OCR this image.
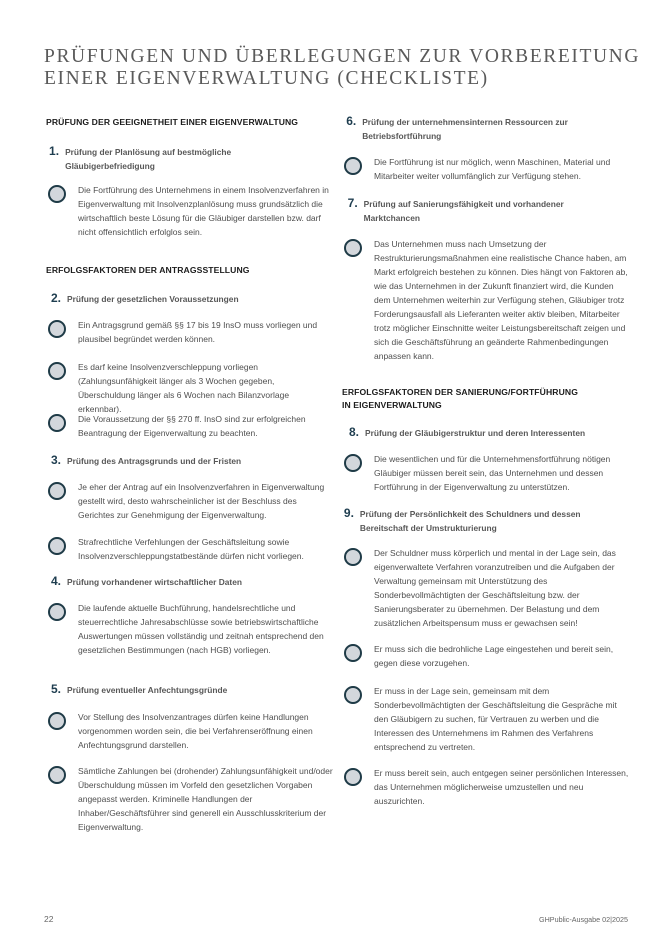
PRÜFUNGEN UND ÜBERLEGUNGEN ZUR VORBEREITUNG
EINER EIGENVERWALTUNG (CHECKLISTE)
PRÜFUNG DER GEEIGNETHEIT EINER EIGENVERWALTUNG
1. Prüfung der Planlösung auf bestmögliche Gläubigerbefriedigung
Die Fortführung des Unternehmens in einem Insolvenzverfahren in Eigenverwaltung mit Insolvenzplanlösung muss grundsätzlich die wirtschaftlich beste Lösung für die Gläubiger darstellen bzw. darf nicht offensichtlich erfolglos sein.
ERFOLGSFAKTOREN DER ANTRAGSSTELLUNG
2. Prüfung der gesetzlichen Voraussetzungen
Ein Antragsgrund gemäß §§ 17 bis 19 InsO muss vorliegen und plausibel begründet werden können.
Es darf keine Insolvenzverschleppung vorliegen (Zahlungsunfähigkeit länger als 3 Wochen gegeben, Überschuldung länger als 6 Wochen nach Bilanzvorlage erkennbar).
Die Voraussetzung der §§ 270 ff. InsO sind zur erfolgreichen Beantragung der Eigenverwaltung zu beachten.
3. Prüfung des Antragsgrunds und der Fristen
Je eher der Antrag auf ein Insolvenzverfahren in Eigenverwaltung gestellt wird, desto wahrscheinlicher ist der Beschluss des Gerichtes zur Genehmigung der Eigenverwaltung.
Strafrechtliche Verfehlungen der Geschäftsleitung sowie Insolvenzverschleppungstatbestände dürfen nicht vorliegen.
4. Prüfung vorhandener wirtschaftlicher Daten
Die laufende aktuelle Buchführung, handelsrechtliche und steuerrechtliche Jahresabschlüsse sowie betriebswirtschaftliche Auswertungen müssen vollständig und zeitnah entsprechend den gesetzlichen Bestimmungen (nach HGB) vorliegen.
5. Prüfung eventueller Anfechtungsgründe
Vor Stellung des Insolvenzantrages dürfen keine Handlungen vorgenommen worden sein, die bei Verfahrenseröffnung einen Anfechtungsgrund darstellen.
Sämtliche Zahlungen bei (drohender) Zahlungsunfähigkeit und/oder Überschuldung müssen im Vorfeld den gesetzlichen Vorgaben angepasst werden. Kriminelle Handlungen der Inhaber/Geschäftsführer sind generell ein Ausschlusskriterium der Eigenverwaltung.
6. Prüfung der unternehmensinternen Ressourcen zur Betriebsfortführung
Die Fortführung ist nur möglich, wenn Maschinen, Material und Mitarbeiter weiter vollumfänglich zur Verfügung stehen.
7. Prüfung auf Sanierungsfähigkeit und vorhandener Marktchancen
Das Unternehmen muss nach Umsetzung der Restrukturierungsmaßnahmen eine realistische Chance haben, am Markt erfolgreich bestehen zu können. Dies hängt von Faktoren ab, wie das Unternehmen in der Zukunft finanziert wird, die Kunden dem Unternehmen weiterhin zur Verfügung stehen, Gläubiger trotz Forderungsausfall als Lieferanten weiter aktiv bleiben, Mitarbeiter trotz möglicher Einschnitte weiter Leistungsbereitschaft zeigen und sich die Geschäftsführung an geänderte Rahmenbedingungen anpassen kann.
ERFOLGSFAKTOREN DER SANIERUNG/FORTFÜHRUNG
IN EIGENVERWALTUNG
8. Prüfung der Gläubigerstruktur und deren Interessenten
Die wesentlichen und für die Unternehmensfortführung nötigen Gläubiger müssen bereit sein, das Unternehmen und dessen Fortführung in der Eigenverwaltung zu unterstützen.
9. Prüfung der Persönlichkeit des Schuldners und dessen Bereitschaft der Umstrukturierung
Der Schuldner muss körperlich und mental in der Lage sein, das eigenverwaltete Verfahren voranzutreiben und die Aufgaben der Verwaltung gemeinsam mit Unterstützung des Sonderbevollmächtigten der Geschäftsleitung bzw. der Sanierungsberater zu übernehmen. Der Belastung und dem zusätzlichen Arbeitspensum muss er gewachsen sein!
Er muss sich die bedrohliche Lage eingestehen und bereit sein, gegen diese vorzugehen.
Er muss in der Lage sein, gemeinsam mit dem Sonderbevollmächtigten der Geschäftsleitung die Gespräche mit den Gläubigern zu suchen, für Vertrauen zu werben und die Interessen des Unternehmens im Rahmen des Verfahrens entsprechend zu vertreten.
Er muss bereit sein, auch entgegen seiner persönlichen Interessen, das Unternehmen möglicherweise umzustellen und neu auszurichten.
22	GHPublic-Ausgabe 02|2025
